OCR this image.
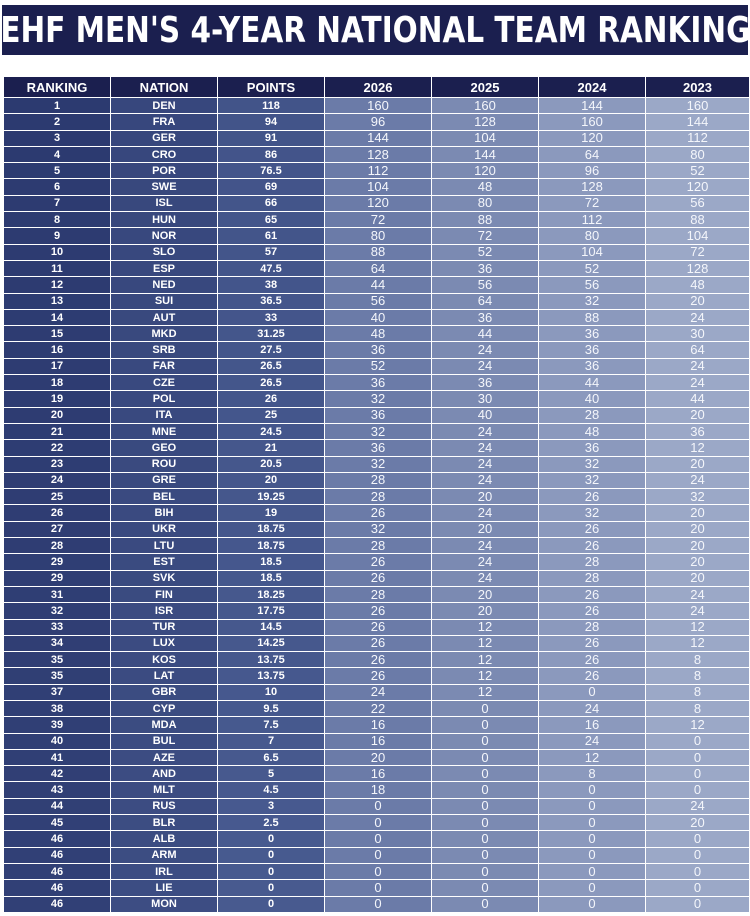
EHF MEN'S 4-YEAR NATIONAL TEAM RANKING
RANKING	NATION	POINTS	2026	2025	2024	2023
1	DEN	118	160	160	144	160
2	FRA	94	96	128	160	144
3	GER	91	144	104	120	112
4	CRO	86	128	144	64	80
5	POR	76.5	112	120	96	52
6	SWE	69	104	48	128	120
7	ISL	66	120	80	72	56
8	HUN	65	72	88	112	88
9	NOR	61	80	72	80	104
10	SLO	57	88	52	104	72
11	ESP	47.5	64	36	52	128
12	NED	38	44	56	56	48
13	SUI	36.5	56	64	32	20
14	AUT	33	40	36	88	24
15	MKD	31.25	48	44	36	30
16	SRB	27.5	36	24	36	64
17	FAR	26.5	52	24	36	24
18	CZE	26.5	36	36	44	24
19	POL	26	32	30	40	44
20	ITA	25	36	40	28	20
21	MNE	24.5	32	24	48	36
22	GEO	21	36	24	36	12
23	ROU	20.5	32	24	32	20
24	GRE	20	28	24	32	24
25	BEL	19.25	28	20	26	32
26	BIH	19	26	24	32	20
27	UKR	18.75	32	20	26	20
28	LTU	18.75	28	24	26	20
29	EST	18.5	26	24	28	20
29	SVK	18.5	26	24	28	20
31	FIN	18.25	28	20	26	24
32	ISR	17.75	26	20	26	24
33	TUR	14.5	26	12	28	12
34	LUX	14.25	26	12	26	12
35	KOS	13.75	26	12	26	8
35	LAT	13.75	26	12	26	8
37	GBR	10	24	12	0	8
38	CYP	9.5	22	0	24	8
39	MDA	7.5	16	0	16	12
40	BUL	7	16	0	24	0
41	AZE	6.5	20	0	12	0
42	AND	5	16	0	8	0
43	MLT	4.5	18	0	0	0
44	RUS	3	0	0	0	24
45	BLR	2.5	0	0	0	20
46	ALB	0	0	0	0	0
46	ARM	0	0	0	0	0
46	IRL	0	0	0	0	0
46	LIE	0	0	0	0	0
46	MON	0	0	0	0	0
